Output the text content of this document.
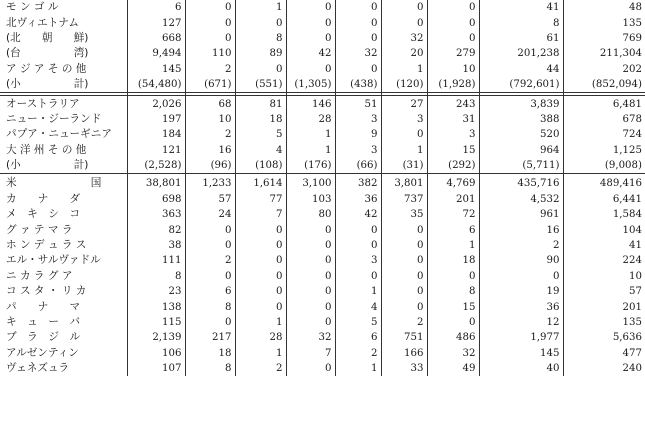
モ ン ゴ ル	6	0	1	0	0	0	0	41	48
北ヴィエトナム	127	0	0	0	0	0	0	8	135
(北　　朝　　鮮)	668	0	8	0	0	32	0	61	769
(台　　　　　湾)	9,494	110	89	42	32	20	279	201,238	211,304
ア ジ ア そ の 他	145	2	0	0	0	1	10	44	202
(小　　　　　計)	(54,480)	(671)	(551)	(1,305)	(438)	(120)	(1,928)	(792,601)	(852,094)

オーストラリア	2,026	68	81	146	51	27	243	3,839	6,481
ニュー・ジーランド	197	10	18	28	3	3	31	388	678
パプア・ニューギニア	184	2	5	1	9	0	3	520	724
大 洋 州 そ の 他	121	16	4	1	3	1	15	964	1,125
(小　　　　　計)	(2,528)	(96)	(108)	(176)	(66)	(31)	(292)	(5,711)	(9,008)

米　　　　　　　国	38,801	1,233	1,614	3,100	382	3,801	4,769	435,716	489,416
カ　　ナ　　ダ	698	57	77	103	36	737	201	4,532	6,441
メ　キ　シ　コ	363	24	7	80	42	35	72	961	1,584
グ ァ テ マ ラ	82	0	0	0	0	0	6	16	104
ホ ン デ ュ ラ ス	38	0	0	0	0	0	1	2	41
エル・サルヴァドル	111	2	0	0	3	0	18	90	224
ニ カ ラ グ ア	8	0	0	0	0	0	0	0	10
コ ス タ ・ リ カ	23	6	0	0	1	0	8	19	57
パ　　ナ　　マ	138	8	0	0	4	0	15	36	201
キ　ュ　ー　バ	115	0	1	0	5	2	0	12	135
ブ　ラ　ジ　ル	2,139	217	28	32	6	751	486	1,977	5,636
アルゼンティン	106	18	1	7	2	166	32	145	477
ヴェネズュラ	107	8	2	0	1	33	49	40	240
